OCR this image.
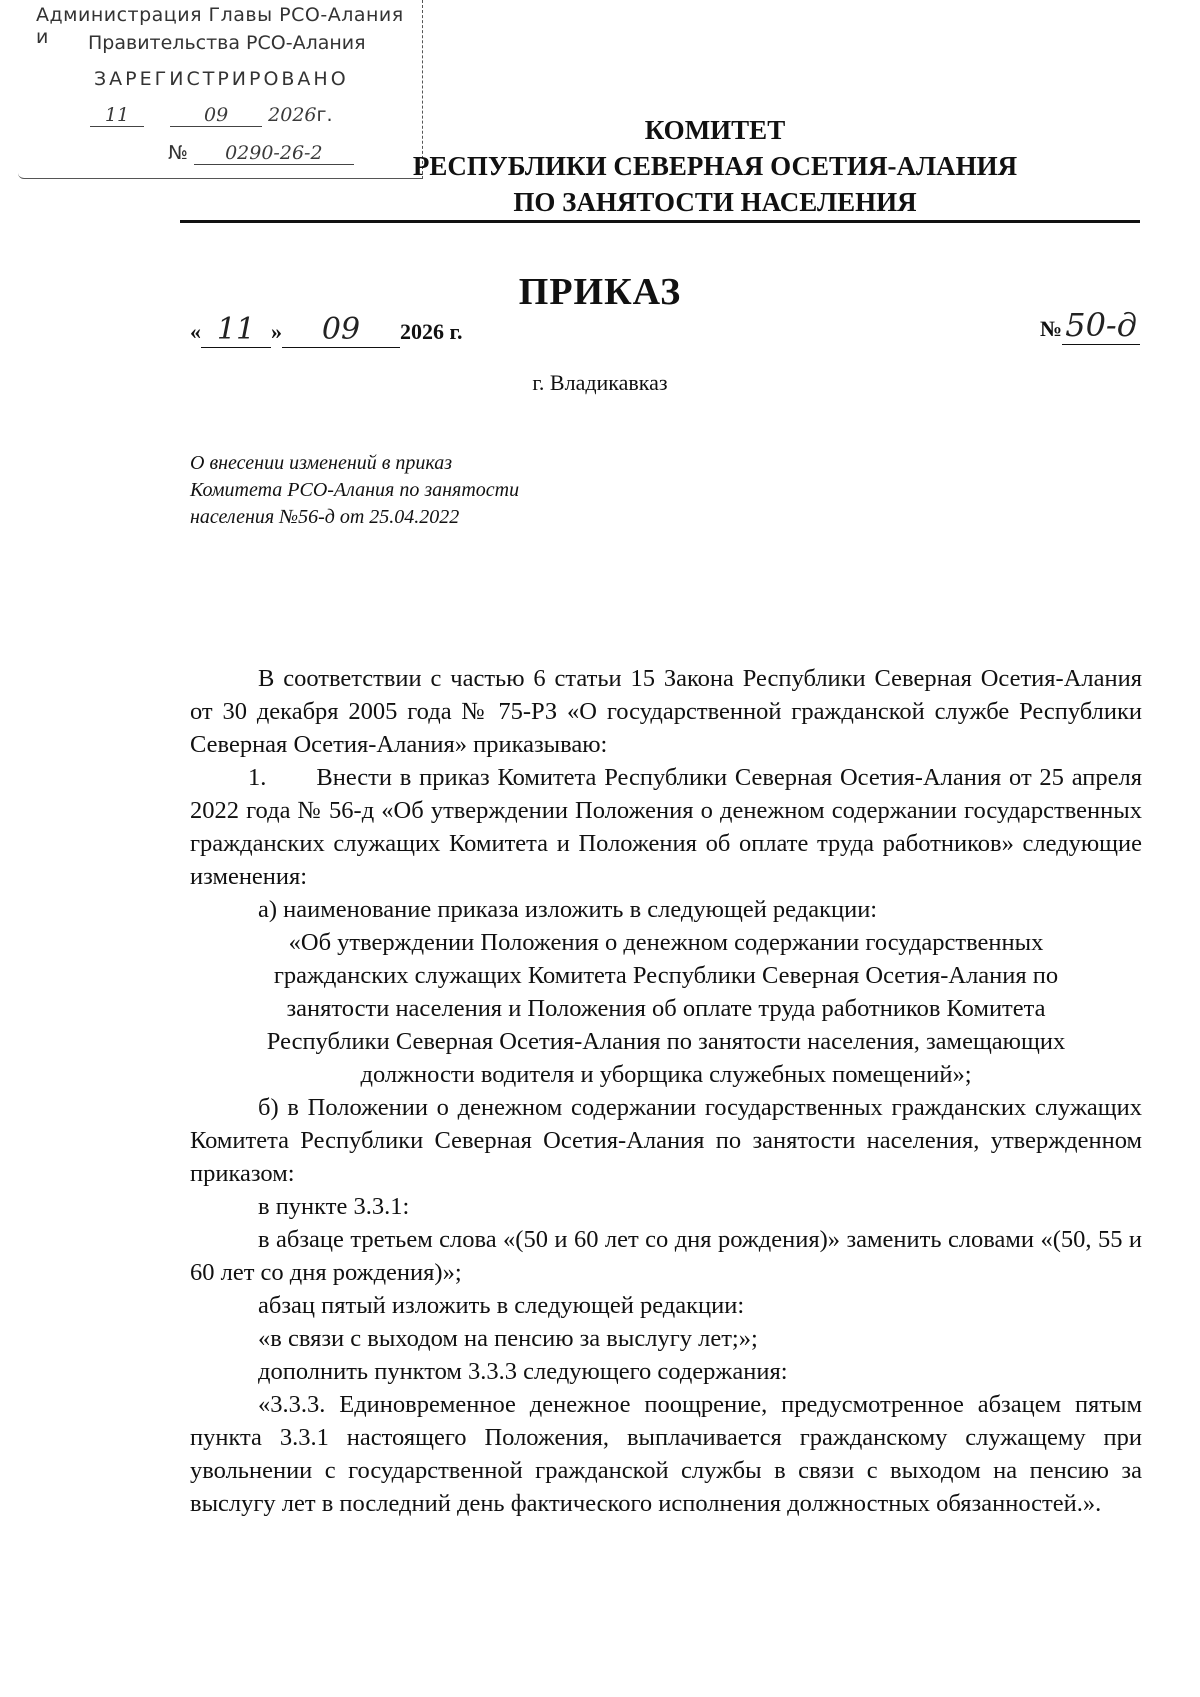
Администрация Главы РСО-Алания и	Правительства РСО-Алания
ЗАРЕГИСТРИРОВАНО
11	09 2026г.
№ 0290-26-2
КОМИТЕТ
РЕСПУБЛИКИ СЕВЕРНАЯ ОСЕТИЯ-АЛАНИЯ
ПО ЗАНЯТОСТИ НАСЕЛЕНИЯ
ПРИКАЗ
« 11 » 09 2026 г.	№50-д
г. Владикавказ
О внесении изменений в приказ
Комитета РСО-Алания по занятости
населения №56-д от 25.04.2022

В соответствии с частью 6 статьи 15 Закона Республики Северная Осетия-Алания от 30 декабря 2005 года № 75-РЗ «О государственной гражданской службе Республики Северная Осетия-Алания» приказываю:

1. Внести в приказ Комитета Республики Северная Осетия-Алания от 25 апреля 2022 года № 56-д «Об утверждении Положения о денежном содержании государственных гражданских служащих Комитета и Положения об оплате труда работников» следующие изменения:

а) наименование приказа изложить в следующей редакции:

«Об утверждении Положения о денежном содержании государственных

гражданских служащих Комитета Республики Северная Осетия-Алания по

занятости населения и Положения об оплате труда работников Комитета

Республики Северная Осетия-Алания по занятости населения, замещающих

должности водителя и уборщика служебных помещений»;

б) в Положении о денежном содержании государственных гражданских служащих Комитета Республики Северная Осетия-Алания по занятости населения, утвержденном приказом:

в пункте 3.3.1:

в абзаце третьем слова «(50 и 60 лет со дня рождения)» заменить словами «(50, 55 и 60 лет со дня рождения)»;

абзац пятый изложить в следующей редакции:

«в связи с выходом на пенсию за выслугу лет;»;

дополнить пунктом 3.3.3 следующего содержания:

«3.3.3. Единовременное денежное поощрение, предусмотренное абзацем пятым пункта 3.3.1 настоящего Положения, выплачивается гражданскому служащему при увольнении с государственной гражданской службы в связи с выходом на пенсию за выслугу лет в последний день фактического исполнения должностных обязанностей.».
